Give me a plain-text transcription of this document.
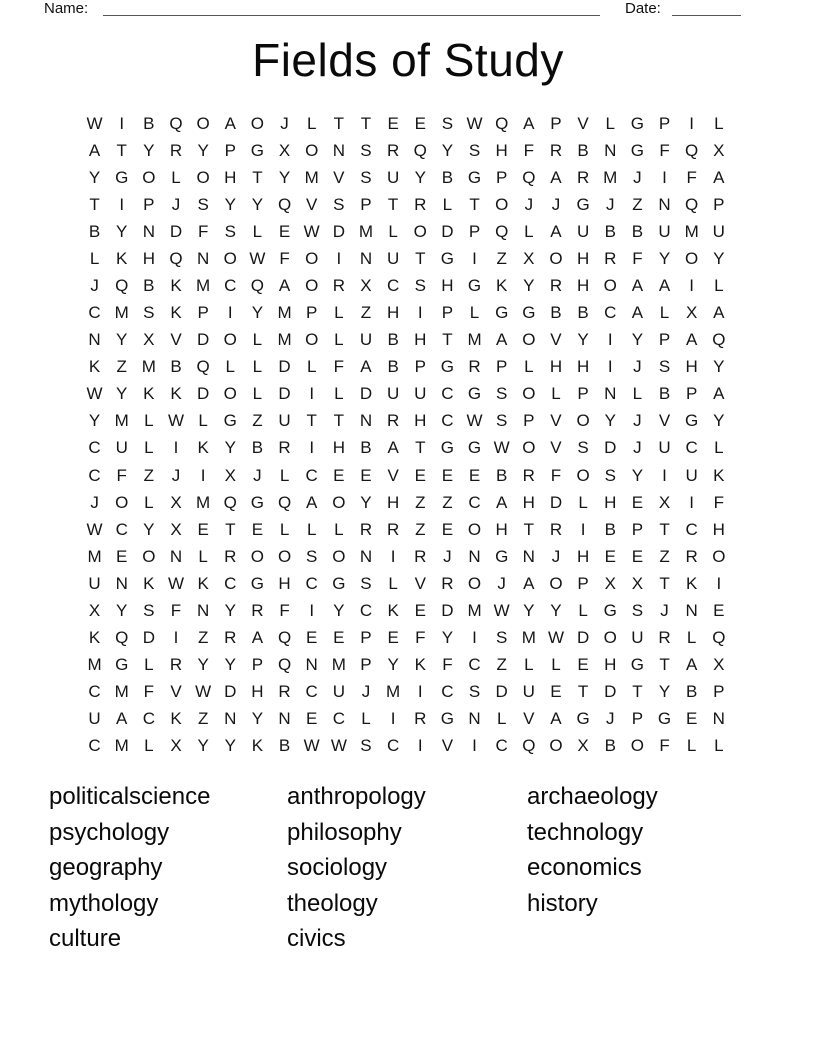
Name:	Date:
Fields of Study
W I	B Q O A O J	L	T T E E S W Q A P V L G P	I	L
A T Y R Y P G X O N S R Q Y S H F R B N G F Q X
Y G O L O H T Y M V S U Y B G P Q A R M J	I	F A
T	I	P	J	S Y Y Q V S P T R L	T O J	J G J	Z N Q P
B Y N D F S L E W D M L O D P Q L A U B B U M U
L K H Q N O W F O	I	N U T G	I	Z X O H R F Y O Y
J Q B K M C Q A O R X C S H G K Y R H O A A	I	L
C M S K P	I	Y M P L	Z H	I	P L G G B B C A L X A
N Y X V D O L M O L U B H T M A O V Y	I	Y P A Q
K Z M B Q L	L D L	F A B P G R P L H H	I	J	S H Y
W Y K K D O L D	I	L D U U C G S O L P N L B P A
Y M L W L G Z U T T N R H C W S P V O Y	J	V G Y
C U L	I	K Y B R	I	H B A T G G W O V S D J U C L
C F Z	J	I	X	J	L C E E V E E E B R F O S Y	I	U K
J O L X M Q G Q A O Y H Z Z C A H D L H E X	I	F
W C Y X E T E L	L	L R R Z E O H T R	I	B P T C H
M E O N L R O O S O N	I	R J N G N J H E E Z R O
U N K W K C G H C G S L V R O J	A O P X X T K	I
X Y S F N Y R F	I	Y C K E D M W Y Y L G S	J N E
K Q D	I	Z R A Q E E P E F Y	I	S M W D O U R L Q
M G L R Y Y P Q N M P Y K F C Z	L	L E H G T A X
C M F V W D H R C U J M	I	C S D U E T D T Y B P
U A C K Z N Y N E C L	I	R G N L V A G J	P G E N
C M L X Y Y K B W W S C	I	V	I	C Q O X B O F	L	L
politicalscience
psychology
geography
mythology
culture
anthropology
philosophy
sociology
theology
civics
archaeology
technology
economics
history
